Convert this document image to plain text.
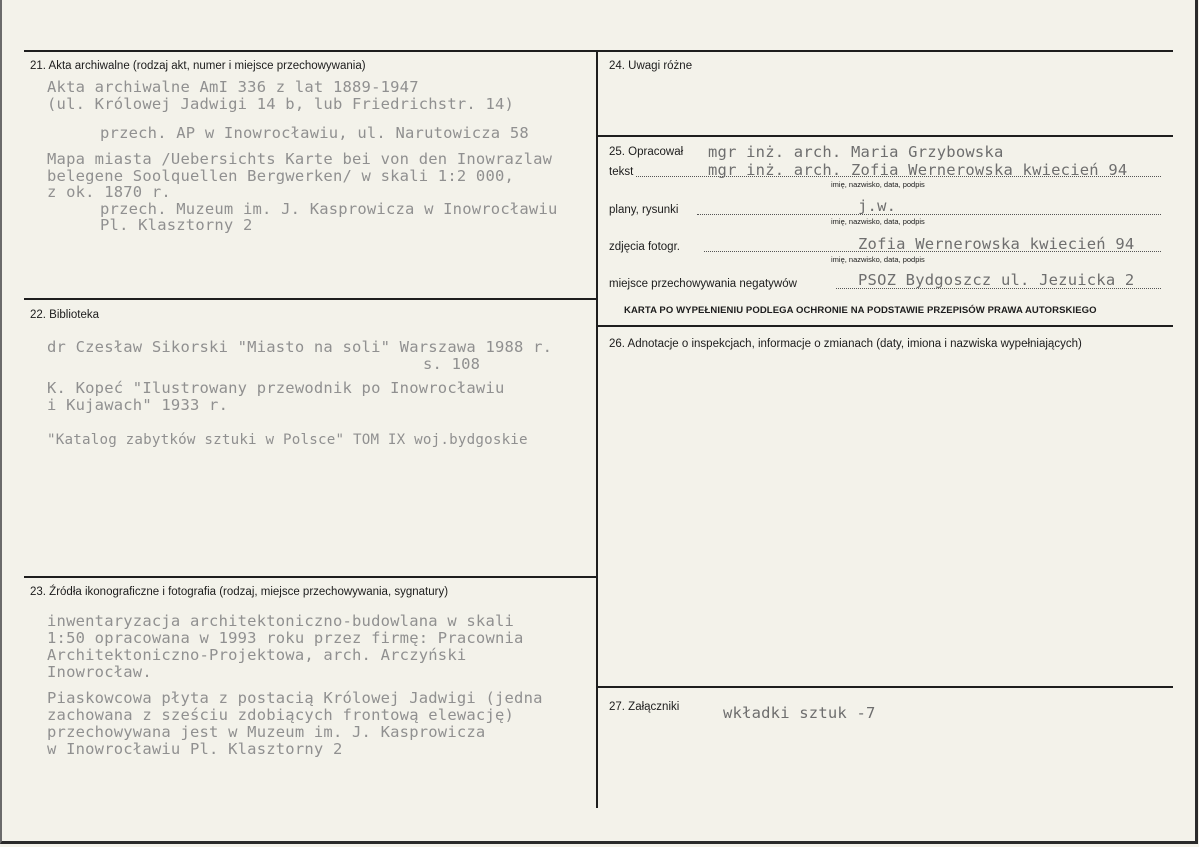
21. Akta archiwalne (rodzaj akt, numer i miejsce przechowywania)
Akta archiwalne AmI 336 z lat 1889-1947
(ul. Królowej Jadwigi 14 b, lub Friedrichstr. 14)
przech. AP w Inowrocławiu, ul. Narutowicza 58
Mapa miasta /Uebersichts Karte bei von den Inowrazlaw
belegene Soolquellen Bergwerken/ w skali 1:2 000,
z ok. 1870 r.
przech. Muzeum im. J. Kasprowicza w Inowrocławiu
Pl. Klasztorny 2
22. Biblioteka
dr Czesław Sikorski "Miasto na soli" Warszawa 1988 r.
s. 108
K. Kopeć "Ilustrowany przewodnik po Inowrocławiu
i Kujawach" 1933 r.
"Katalog zabytków sztuki w Polsce" TOM IX woj.bydgoskie
23. Źródła ikonograficzne i fotografia (rodzaj, miejsce przechowywania, sygnatury)
inwentaryzacja architektoniczno-budowlana w skali
1:50 opracowana w 1993 roku przez firmę: Pracownia
Architektoniczno-Projektowa, arch. Arczyński
Inowrocław.
Piaskowcowa płyta z postacią Królowej Jadwigi (jedna
zachowana z sześciu zdobiących frontową elewację)
przechowywana jest w Muzeum im. J. Kasprowicza
w Inowrocławiu Pl. Klasztorny 2
24. Uwagi różne
25. Opracował mgr inż. arch. Maria Grzybowska
tekst	mgr inż. arch. Zofia Wernerowska kwiecień 94
imię, nazwisko, data, podpis
plany, rysunki	j.w.
imię, nazwisko, data, podpis
zdjęcia fotogr.	Zofia Wernerowska kwiecień 94
imię, nazwisko, data, podpis
miejsce przechowywania negatywów	PSOZ Bydgoszcz ul. Jezuicka 2
KARTA PO WYPEŁNIENIU PODLEGA OCHRONIE NA PODSTAWIE PRZEPISÓW PRAWA AUTORSKIEGO
26. Adnotacje o inspekcjach, informacje o zmianach (daty, imiona i nazwiska wypełniających)
27. Załączniki	wkładki sztuk -7
